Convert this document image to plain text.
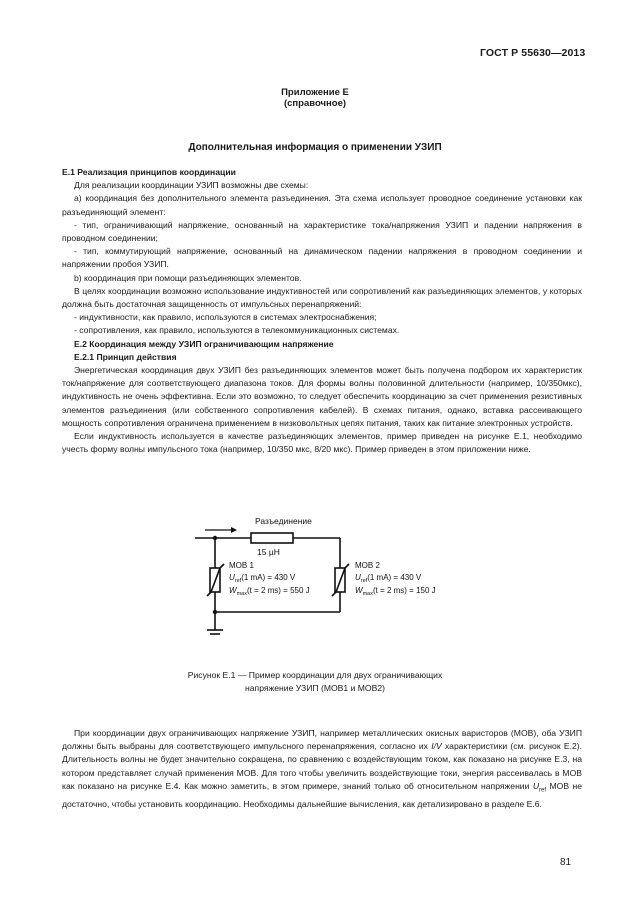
ГОСТ Р 55630—2013
Приложение Е
(справочное)
Дополнительная информация о применении УЗИП

Е.1 Реализация принципов координации

Для реализации координации УЗИП возможны две схемы:

a) координация без дополнительного элемента разъединения. Эта схема использует проводное соединение установки как разъединяющий элемент:

- тип, ограничивающий напряжение, основанный на характеристике тока/напряжения УЗИП и падении напряжения в проводном соединении;

- тип, коммутирующий напряжение, основанный на динамическом падении напряжения в проводном соединении и напряжении пробоя УЗИП.

b) координация при помощи разъединяющих элементов.

В целях координации возможно использование индуктивностей или сопротивлений как разъединяющих элементов, у которых должна быть достаточная защищенность от импульсных перенапряжений:

- индуктивности, как правило, используются в системах электроснабжения;

- сопротивления, как правило, используются в телекоммуникационных системах.

Е.2 Координация между УЗИП ограничивающим напряжение

Е.2.1 Принцип действия

Энергетическая координация двух УЗИП без разъединяющих элементов может быть получена подбором их характеристик ток/напряжение для соответствующего диапазона токов. Для формы волны половинной длительности (например, 10/350мкс), индуктивность не очень эффективна. Если это возможно, то следует обеспечить координацию за счет применения резистивных элементов разъединения (или собственного сопротивления кабелей). В схемах питания, однако, вставка рассеивающего мощность сопротивления ограничена применением в низковольтных цепях питания, таких как питание электронных устройств.

Если индуктивность используется в качестве разъединяющих элементов, пример приведен на рисунке Е.1, необходимо учесть форму волны импульсного тока (например, 10/350 мкс, 8/20 мкс). Пример приведен в этом приложении ниже.

Разъединение
15 µH
MOB 1
$U_{ref}(1$ mA) = 430 V
$W_{max}(t = 2$ ms) = 550 J
MOB 2
$U_{ref}(1$ mA) = 430 V
$W_{max}(t = 2$ ms) = 150 J
Рисунок Е.1 — Пример координации для двух ограничивающих
напряжение УЗИП (МОВ1 и МОВ2)

При координации двух ограничивающих напряжение УЗИП, например металлических окисных варисторов (МОВ), оба УЗИП должны быть выбраны для соответствующего импульсного перенапряжения, согласно их I/V характеристики (см. рисунок Е.2). Длительность волны не будет значительно сокращена, по сравнению с воздействующим током, как показано на рисунке Е.3, на котором представляет случай применения МОВ. Для того чтобы увеличить воздействующие токи, энергия рассеивалась в МОВ как показано на рисунке Е.4. Как можно заметить, в этом примере, знаний только об относительном напряжении $U_{ref}$ МОВ не достаточно, чтобы установить координацию. Необходимы дальнейшие вычисления, как детализировано в разделе Е.6.

81
